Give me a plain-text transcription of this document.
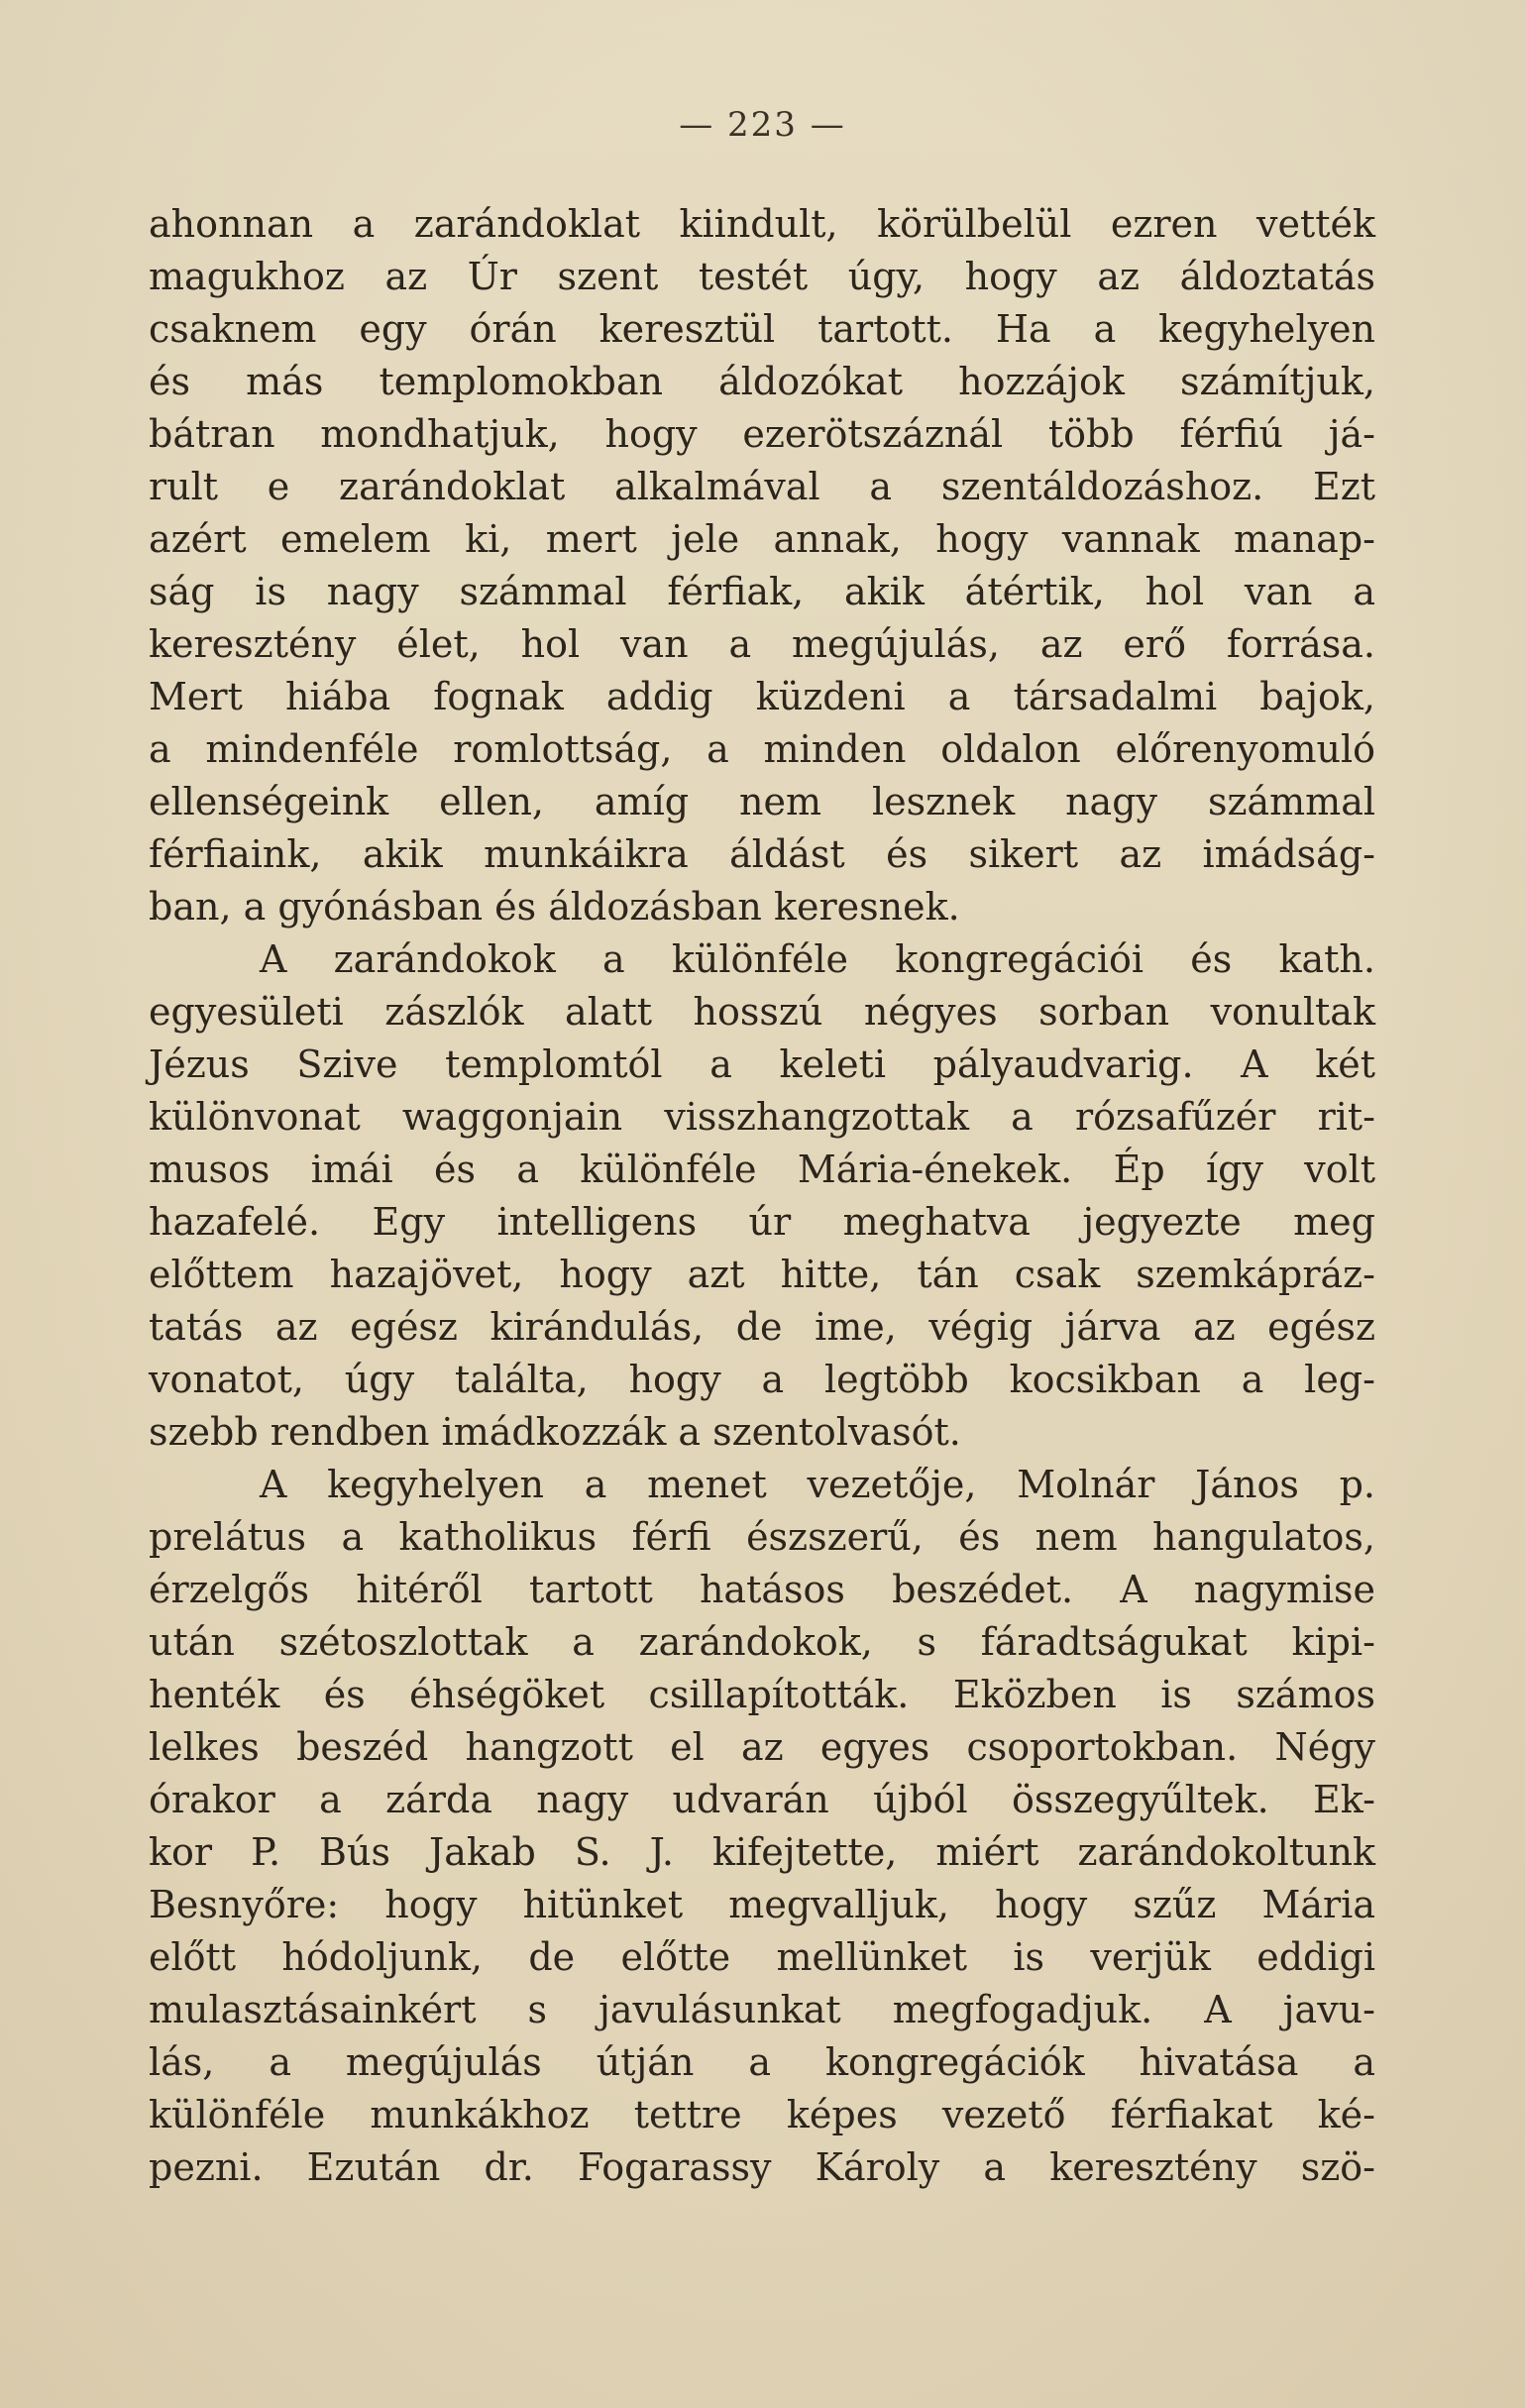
— 223 —
ahonnan a zarándoklat kiindult, körülbelül ezren vették
magukhoz az Úr szent testét úgy, hogy az áldoztatás
csaknem egy órán keresztül tartott. Ha a kegyhelyen
és más templomokban áldozókat hozzájok számítjuk,
bátran mondhatjuk, hogy ezerötszáznál több férfiú já-
rult e zarándoklat alkalmával a szentáldozáshoz. Ezt
azért emelem ki, mert jele annak, hogy vannak manap-
ság is nagy számmal férfiak, akik átértik, hol van a
keresztény élet, hol van a megújulás, az erő forrása.
Mert hiába fognak addig küzdeni a társadalmi bajok,
a mindenféle romlottság, a minden oldalon előrenyomuló
ellenségeink ellen, amíg nem lesznek nagy számmal
férfiaink, akik munkáikra áldást és sikert az imádság-
ban, a gyónásban és áldozásban keresnek.
A zarándokok a különféle kongregációi és kath.
egyesületi zászlók alatt hosszú négyes sorban vonultak
Jézus Szive templomtól a keleti pályaudvarig. A két
különvonat waggonjain visszhangzottak a rózsafűzér rit-
musos imái és a különféle Mária-énekek. Ép így volt
hazafelé. Egy intelligens úr meghatva jegyezte meg
előttem hazajövet, hogy azt hitte, tán csak szemkápráz-
tatás az egész kirándulás, de ime, végig járva az egész
vonatot, úgy találta, hogy a legtöbb kocsikban a leg-
szebb rendben imádkozzák a szentolvasót.
A kegyhelyen a menet vezetője, Molnár János p.
prelátus a katholikus férfi észszerű, és nem hangulatos,
érzelgős hitéről tartott hatásos beszédet. A nagymise
után szétoszlottak a zarándokok, s fáradtságukat kipi-
henték és éhségöket csillapították. Eközben is számos
lelkes beszéd hangzott el az egyes csoportokban. Négy
órakor a zárda nagy udvarán újból összegyűltek. Ek-
kor P. Bús Jakab S. J. kifejtette, miért zarándokoltunk
Besnyőre: hogy hitünket megvalljuk, hogy szűz Mária
előtt hódoljunk, de előtte mellünket is verjük eddigi
mulasztásainkért s javulásunkat megfogadjuk. A javu-
lás, a megújulás útján a kongregációk hivatása a
különféle munkákhoz tettre képes vezető férfiakat ké-
pezni. Ezután dr. Fogarassy Károly a keresztény szö-
